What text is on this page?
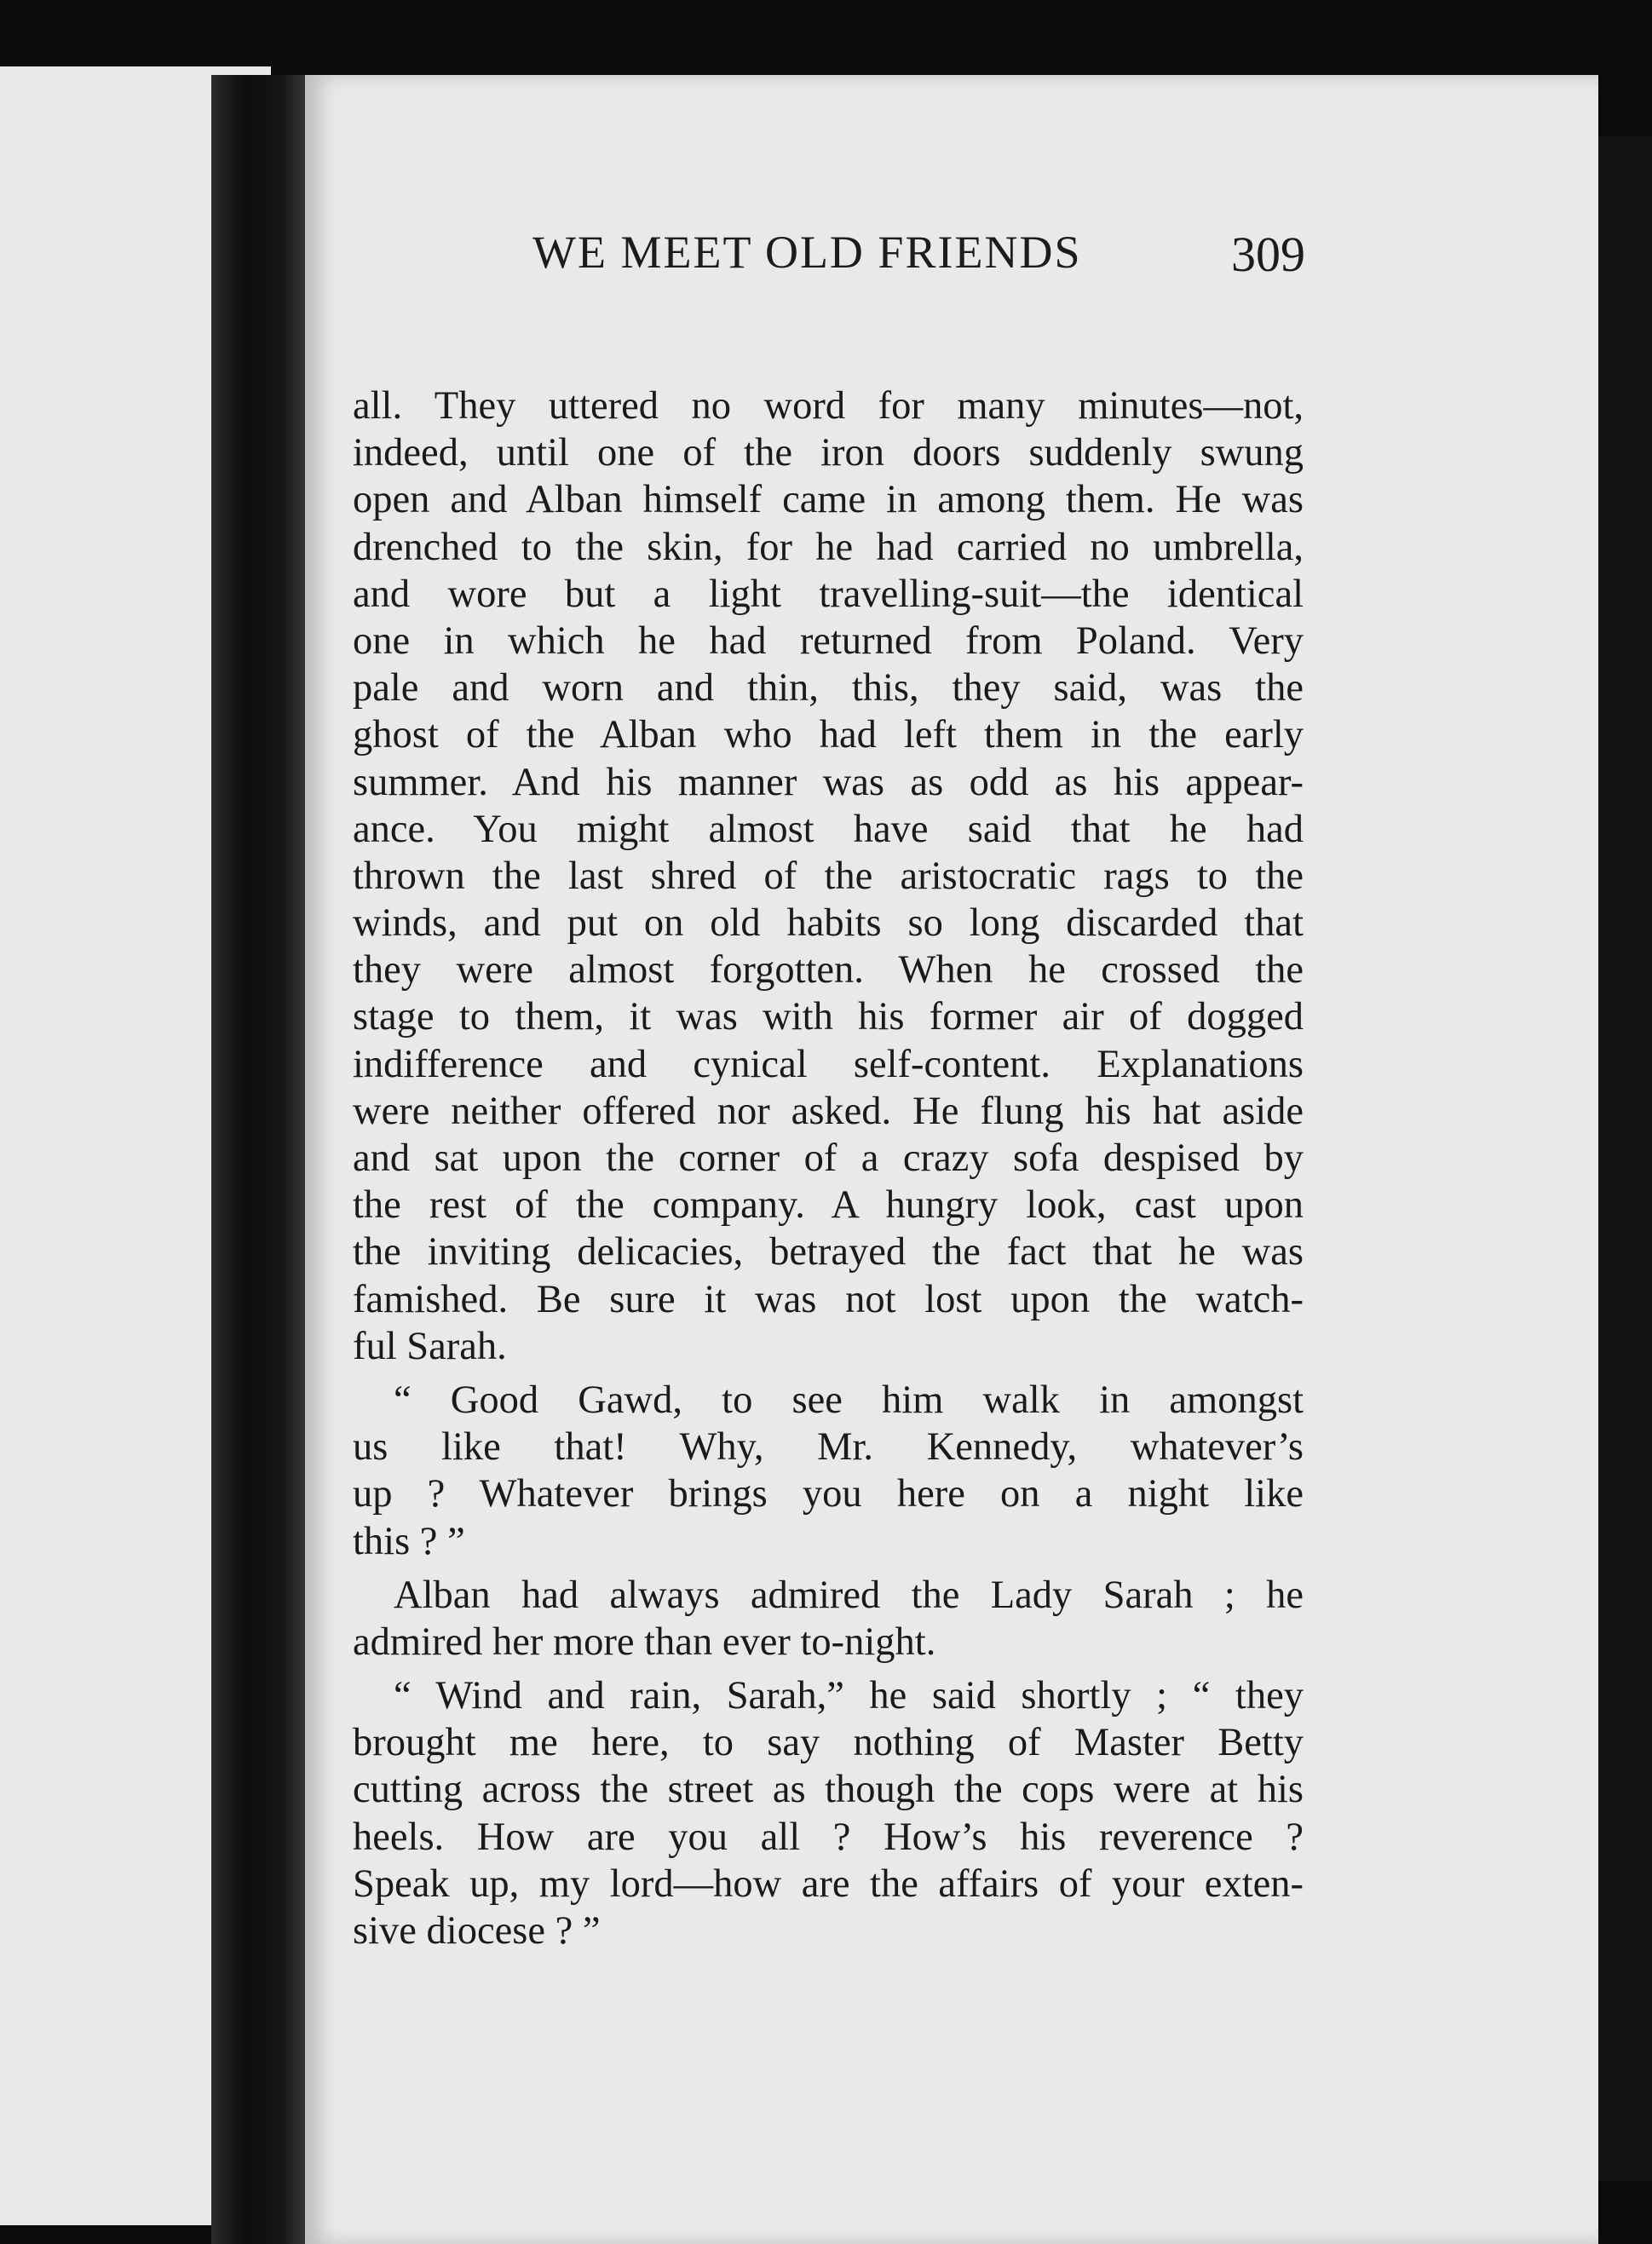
WE MEET OLD FRIENDS	309
all. They uttered no word for many minutes—not,
indeed, until one of the iron doors suddenly swung
open and Alban himself came in among them. He was
drenched to the skin, for he had carried no umbrella,
and wore but a light travelling-suit—the identical
one in which he had returned from Poland. Very
pale and worn and thin, this, they said, was the
ghost of the Alban who had left them in the early
summer. And his manner was as odd as his appear-
ance. You might almost have said that he had
thrown the last shred of the aristocratic rags to the
winds, and put on old habits so long discarded that
they were almost forgotten. When he crossed the
stage to them, it was with his former air of dogged
indifference and cynical self-content. Explanations
were neither offered nor asked. He flung his hat aside
and sat upon the corner of a crazy sofa despised by
the rest of the company. A hungry look, cast upon
the inviting delicacies, betrayed the fact that he was
famished. Be sure it was not lost upon the watch-
ful Sarah.
“ Good Gawd, to see him walk in amongst
us like that! Why, Mr. Kennedy, whatever’s
up ? Whatever brings you here on a night like
this ? ”
Alban had always admired the Lady Sarah ; he
admired her more than ever to-night.
“ Wind and rain, Sarah,” he said shortly ; “ they
brought me here, to say nothing of Master Betty
cutting across the street as though the cops were at his
heels. How are you all ? How’s his reverence ?
Speak up, my lord—how are the affairs of your exten-
sive diocese ? ”
